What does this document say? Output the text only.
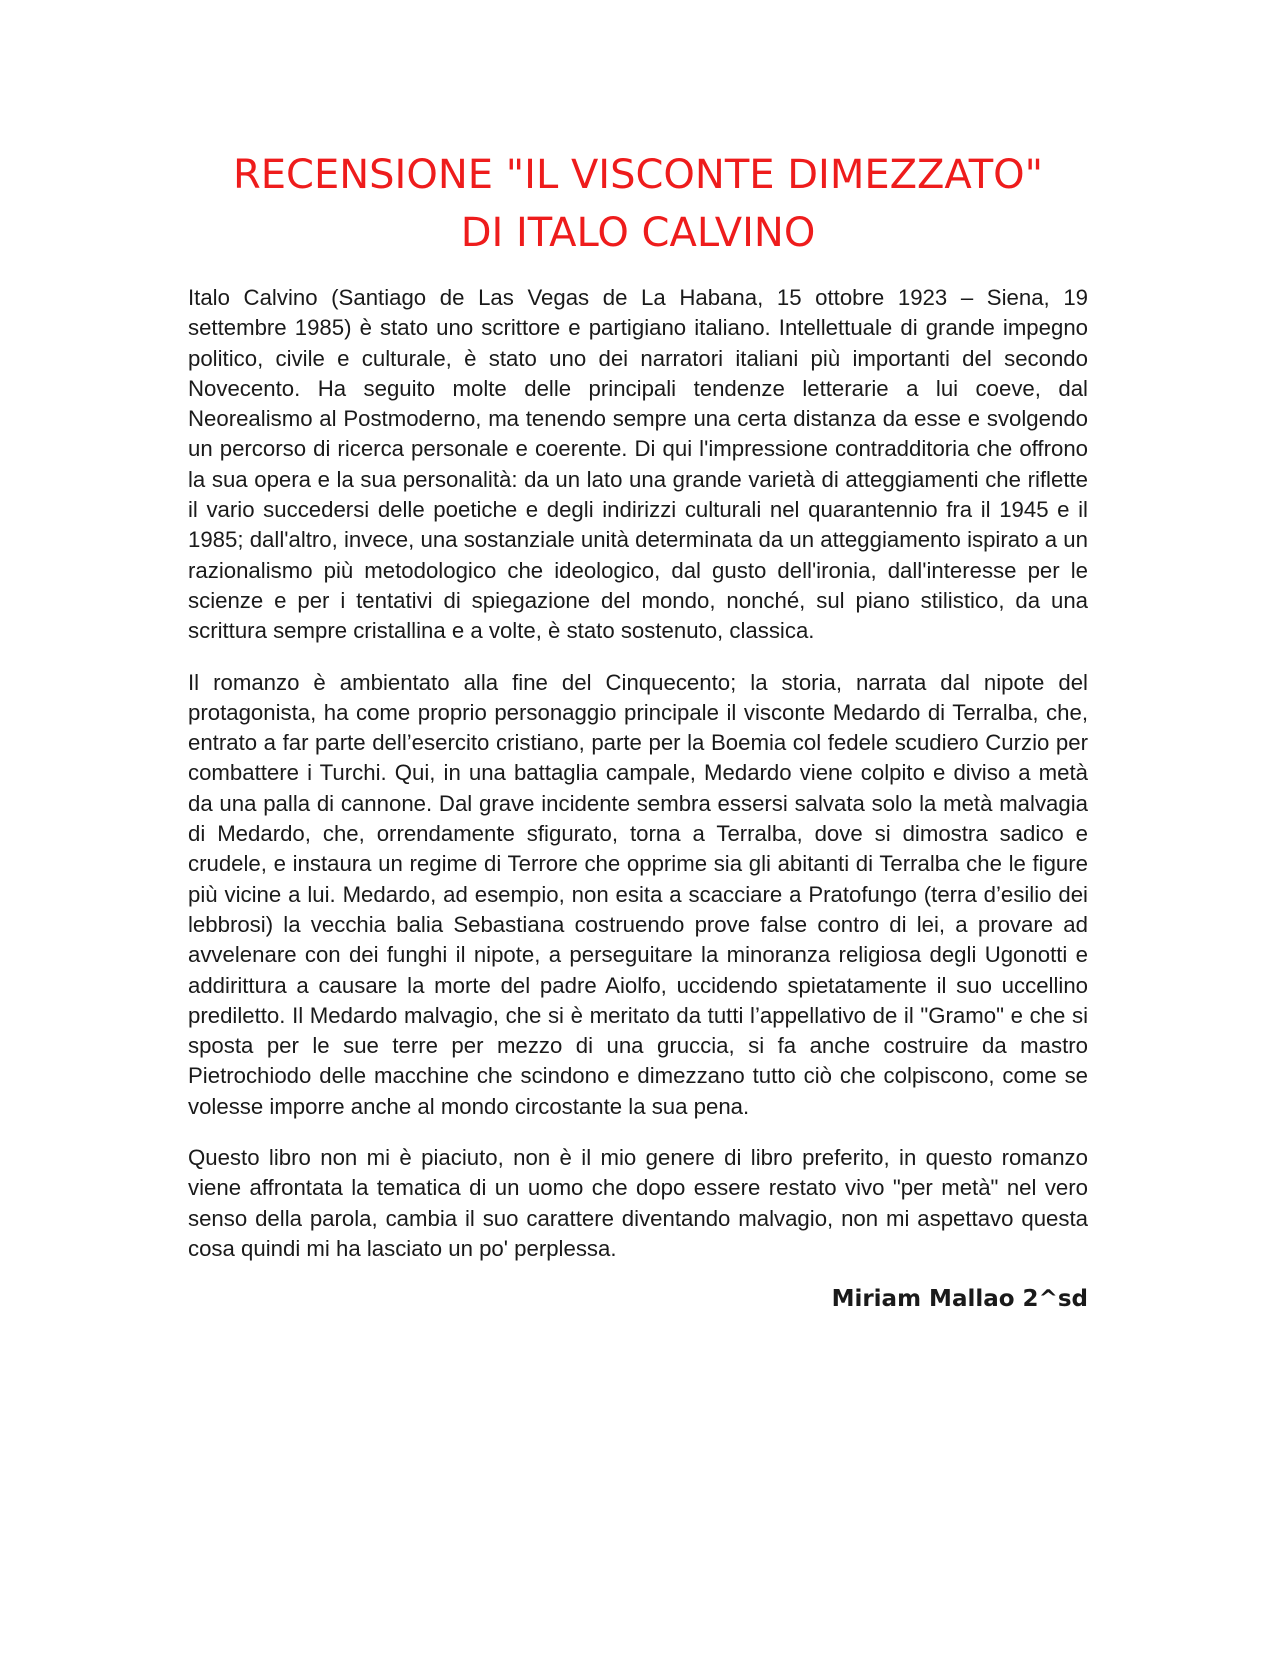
RECENSIONE "IL VISCONTE DIMEZZATO"
DI ITALO CALVINO

Italo Calvino (Santiago de Las Vegas de La Habana, 15 ottobre 1923 – Siena, 19 settembre 1985) è stato uno scrittore e partigiano italiano. Intellettuale di grande impegno politico, civile e culturale, è stato uno dei narratori italiani più importanti del secondo Novecento. Ha seguito molte delle principali tendenze letterarie a lui coeve, dal Neorealismo al Postmoderno, ma tenendo sempre una certa distanza da esse e svolgendo un percorso di ricerca personale e coerente. Di qui l'impressione contradditoria che offrono la sua opera e la sua personalità: da un lato una grande varietà di atteggiamenti che riflette il vario succedersi delle poetiche e degli indirizzi culturali nel quarantennio fra il 1945 e il 1985; dall'altro, invece, una sostanziale unità determinata da un atteggiamento ispirato a un razionalismo più metodologico che ideologico, dal gusto dell'ironia, dall'interesse per le scienze e per i tentativi di spiegazione del mondo, nonché, sul piano stilistico, da una scrittura sempre cristallina e a volte, è stato sostenuto, classica.

Il romanzo è ambientato alla fine del Cinquecento; la storia, narrata dal nipote del protagonista, ha come proprio personaggio principale il visconte Medardo di Terralba, che, entrato a far parte dell’esercito cristiano, parte per la Boemia col fedele scudiero Curzio per combattere i Turchi. Qui, in una battaglia campale, Medardo viene colpito e diviso a metà da una palla di cannone. Dal grave incidente sembra essersi salvata solo la metà malvagia di Medardo, che, orrendamente sfigurato, torna a Terralba, dove si dimostra sadico e crudele, e instaura un regime di Terrore che opprime sia gli abitanti di Terralba che le figure più vicine a lui. Medardo, ad esempio, non esita a scacciare a Pratofungo (terra d’esilio dei lebbrosi) la vecchia balia Sebastiana costruendo prove false contro di lei, a provare ad avvelenare con dei funghi il nipote, a perseguitare la minoranza religiosa degli Ugonotti e addirittura a causare la morte del padre Aiolfo, uccidendo spietatamente il suo uccellino prediletto. Il Medardo malvagio, che si è meritato da tutti l’appellativo de il "Gramo" e che si sposta per le sue terre per mezzo di una gruccia, si fa anche costruire da mastro Pietrochiodo delle macchine che scindono e dimezzano tutto ciò che colpiscono, come se volesse imporre anche al mondo circostante la sua pena.

Questo libro non mi è piaciuto, non è il mio genere di libro preferito, in questo romanzo viene affrontata la tematica di un uomo che dopo essere restato vivo "per metà" nel vero senso della parola, cambia il suo carattere diventando malvagio, non mi aspettavo questa cosa quindi mi ha lasciato un po' perplessa.

Miriam Mallao 2^sd
